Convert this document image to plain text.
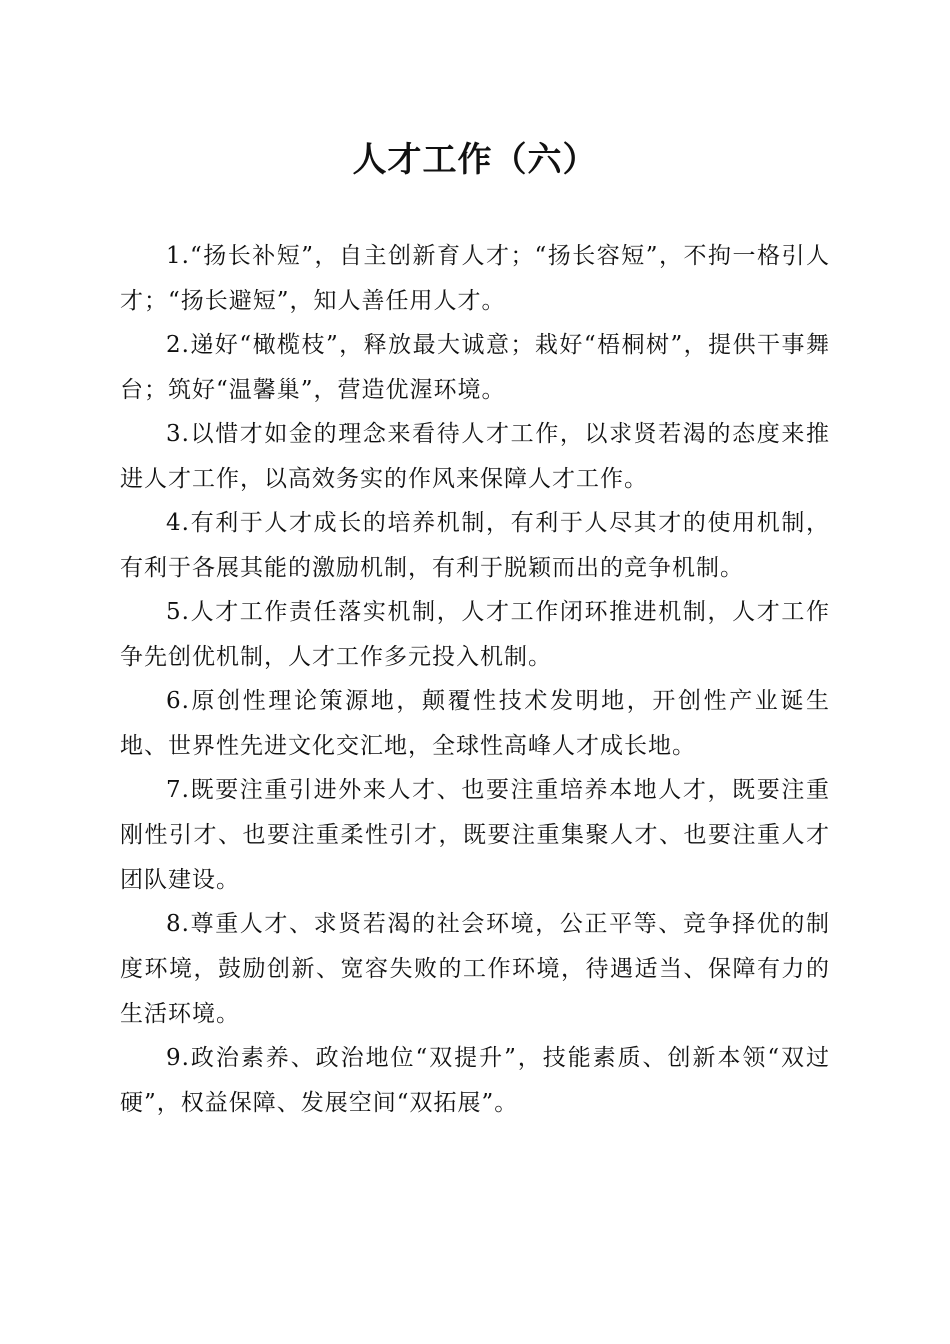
人才工作（六）

1.“扬长补短”，自主创新育人才；“扬长容短”，不拘一格引人才；“扬长避短”，知人善任用人才。

2.递好“橄榄枝”，释放最大诚意；栽好“梧桐树”，提供干事舞台；筑好“温馨巢”，营造优渥环境。

3.以惜才如金的理念来看待人才工作，以求贤若渴的态度来推进人才工作，以高效务实的作风来保障人才工作。

4.有利于人才成长的培养机制，有利于人尽其才的使用机制，有利于各展其能的激励机制，有利于脱颖而出的竞争机制。

5.人才工作责任落实机制，人才工作闭环推进机制，人才工作争先创优机制，人才工作多元投入机制。

6.原创性理论策源地，颠覆性技术发明地，开创性产业诞生地、世界性先进文化交汇地，全球性高峰人才成长地。

7.既要注重引进外来人才、也要注重培养本地人才，既要注重刚性引才、也要注重柔性引才，既要注重集聚人才、也要注重人才团队建设。

8.尊重人才、求贤若渴的社会环境，公正平等、竞争择优的制度环境，鼓励创新、宽容失败的工作环境，待遇适当、保障有力的生活环境。

9.政治素养、政治地位“双提升”，技能素质、创新本领“双过硬”，权益保障、发展空间“双拓展”。
